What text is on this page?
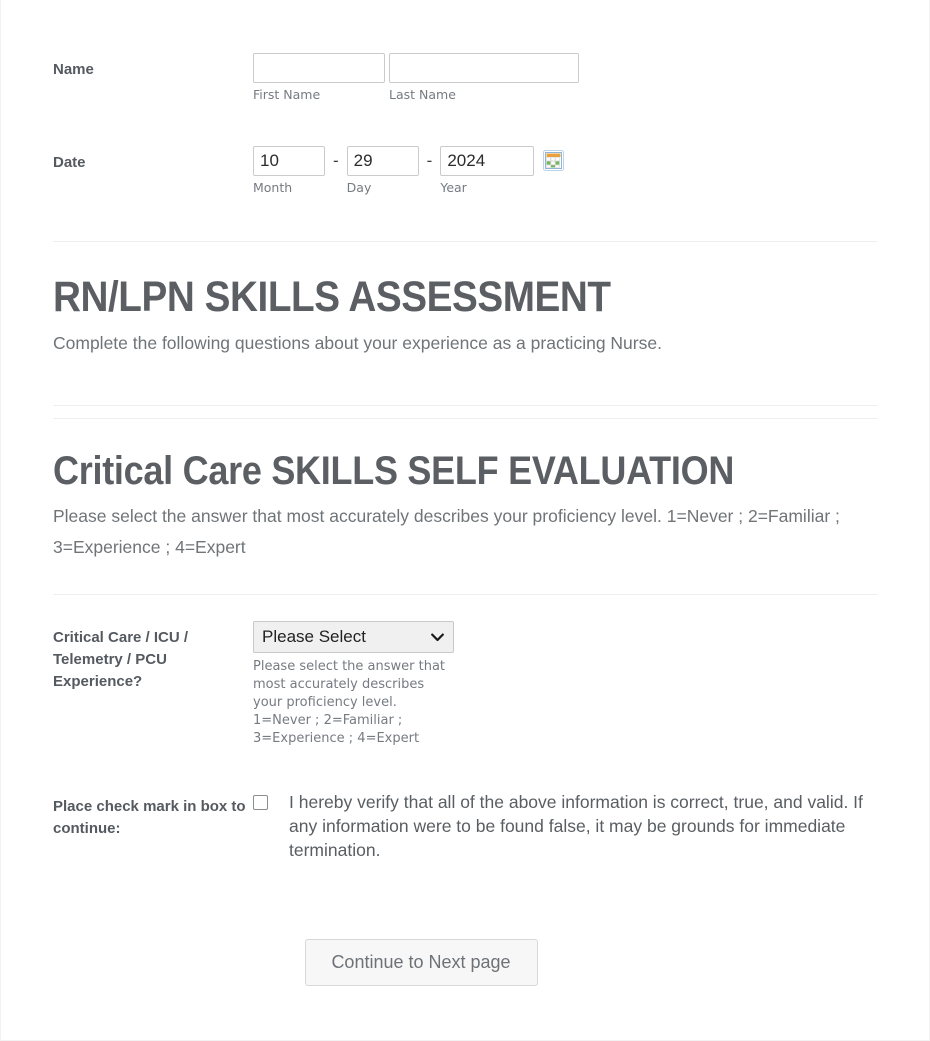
Name
First Name	Last Name
Date
10
Month
-
29
Day
-
2024
Year
RN/LPN SKILLS ASSESSMENT

Complete the following questions about your experience as a practicing Nurse.

Critical Care SKILLS SELF EVALUATION

Please select the answer that most accurately describes your proficiency level. 1=Never ; 2=Familiar ; 3=Experience ; 4=Expert

Critical Care / ICU / Telemetry / PCU Experience?
Please Select
Please select the answer that most accurately describes your proficiency level. 1=Never ; 2=Familiar ; 3=Experience ; 4=Expert
Place check mark in box to continue:
I hereby verify that all of the above information is correct, true, and valid. If any information were to be found false, it may be grounds for immediate termination.
Continue to Next page
